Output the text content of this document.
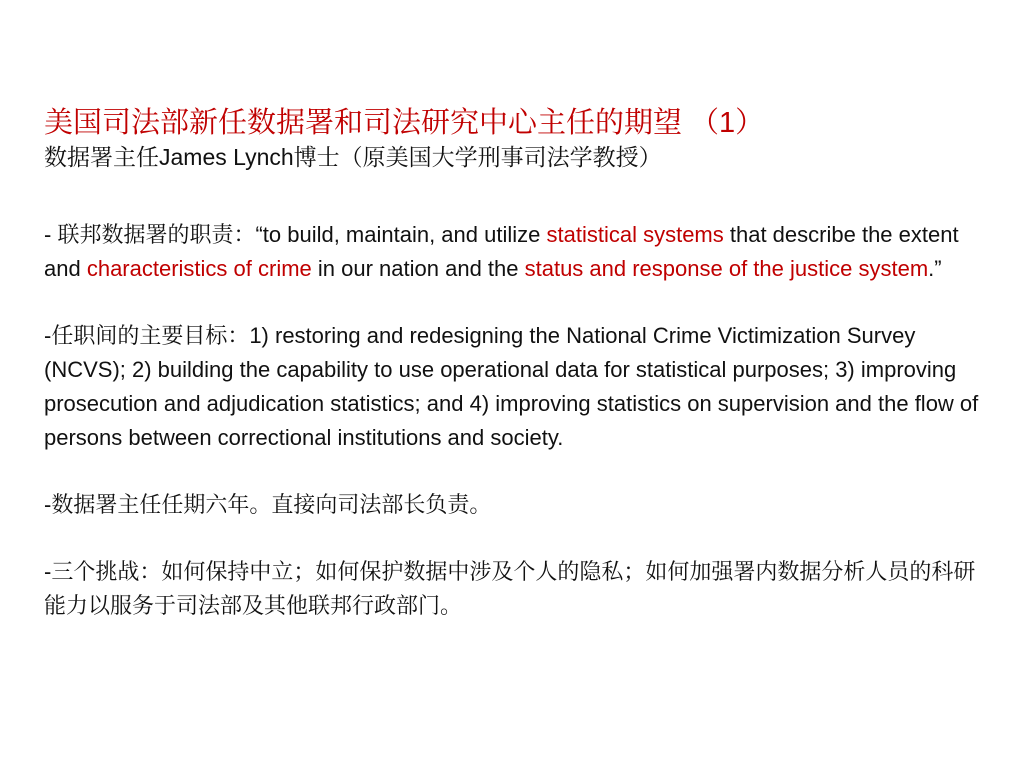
美国司法部新任数据署和司法研究中心主任的期望 （1）
数据署主任James Lynch博士（原美国大学刑事司法学教授）

- 联邦数据署的职责：“to build, maintain, and utilize statistical systems that describe the extent and characteristics of crime in our nation and the status and response of the justice system.”

-任职间的主要目标：1) restoring and redesigning the National Crime Victimization Survey (NCVS); 2) building the capability to use operational data for statistical purposes; 3) improving prosecution and adjudication statistics; and 4) improving statistics on supervision and the flow of persons between correctional institutions and society.

-数据署主任任期六年。直接向司法部长负责。

-三个挑战：如何保持中立；如何保护数据中涉及个人的隐私；如何加强署内数据分析人员的科研能力以服务于司法部及其他联邦行政部门。
